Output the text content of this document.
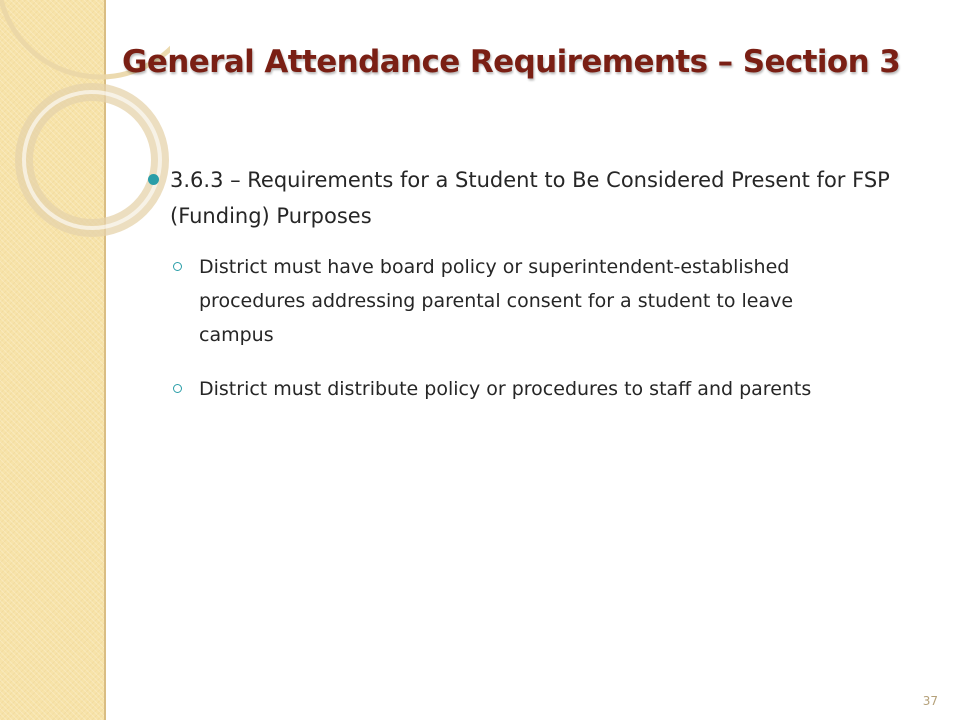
General Attendance Requirements – Section 3
3.6.3 – Requirements for a Student to Be Considered Present for FSP (Funding) Purposes
District must have board policy or superintendent-established procedures addressing parental consent for a student to leave campus
District must distribute policy or procedures to staff and parents
37
